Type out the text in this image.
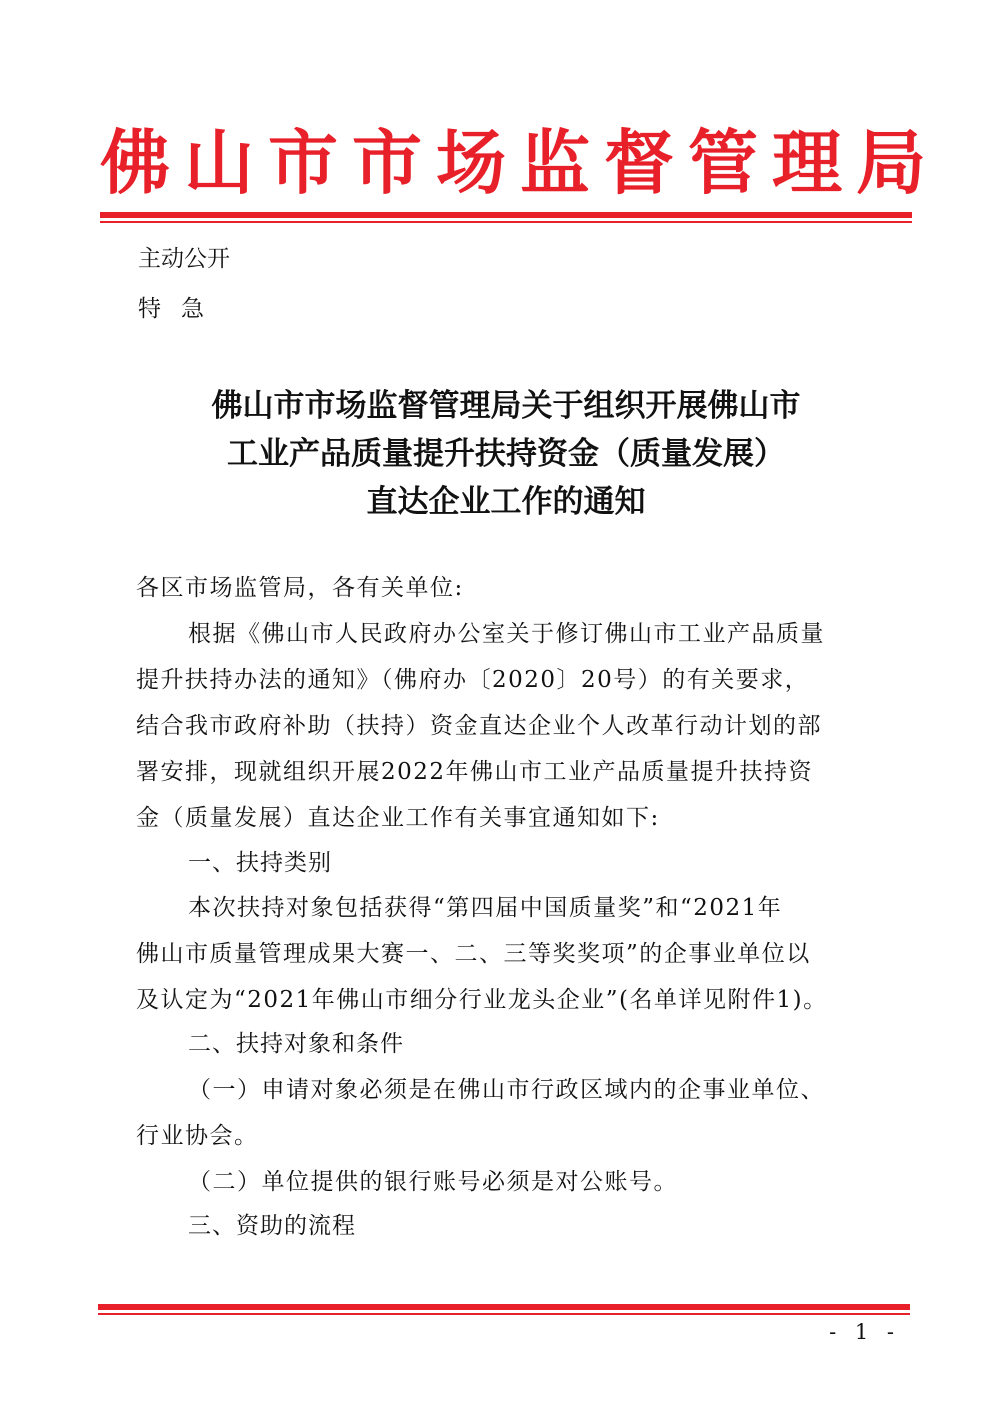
佛山市市场监督管理局
主动公开
特急
佛山市市场监督管理局关于组织开展佛山市
工业产品质量提升扶持资金（质量发展）
直达企业工作的通知
各区市场监管局，各有关单位:
根据《佛山市人民政府办公室关于修订佛山市工业产品质量
提升扶持办法的通知》（佛府办〔2020〕20号）的有关要求，
结合我市政府补助（扶持）资金直达企业个人改革行动计划的部
署安排，现就组织开展2022年佛山市工业产品质量提升扶持资
金（质量发展）直达企业工作有关事宜通知如下:
一、扶持类别
本次扶持对象包括获得“第四届中国质量奖”和“2021年
佛山市质量管理成果大赛一、二、三等奖奖项”的企事业单位以
及认定为“2021年佛山市细分行业龙头企业”(名单详见附件1)。
二、扶持对象和条件
（一）申请对象必须是在佛山市行政区域内的企事业单位、
行业协会。
（二）单位提供的银行账号必须是对公账号。
三、资助的流程
- 1 -
